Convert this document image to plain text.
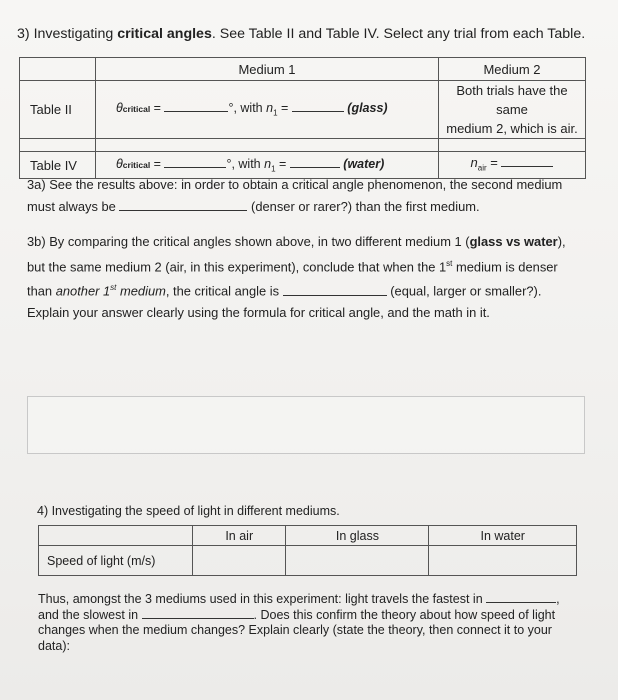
3) Investigating critical angles. See Table II and Table IV. Select any trial from each Table.
	Medium 1	Medium 2
Table II	θcritical = °, with $n_1$ = (glass)	Both trials have the same
medium 2, which is air.

Table IV	θcritical = °, with $n_1$ = (water)	$n_{air}$ =
3a) See the results above: in order to obtain a critical angle phenomenon, the second medium
must always be	(denser or rarer?) than the first medium.
3b) By comparing the critical angles shown above, in two different medium 1 (glass vs water),
but the same medium 2 (air, in this experiment), conclude that when the 1st medium is denser
than another 1st medium, the critical angle is	(equal, larger or smaller?).
Explain your answer clearly using the formula for critical angle, and the math in it.
4) Investigating the speed of light in different mediums.
	In air	In glass	In water
Speed of light (m/s)			
Thus, amongst the 3 mediums used in this experiment: light travels the fastest in	,
and the slowest in	. Does this confirm the theory about how speed of light
changes when the medium changes? Explain clearly (state the theory, then connect it to your
data):
